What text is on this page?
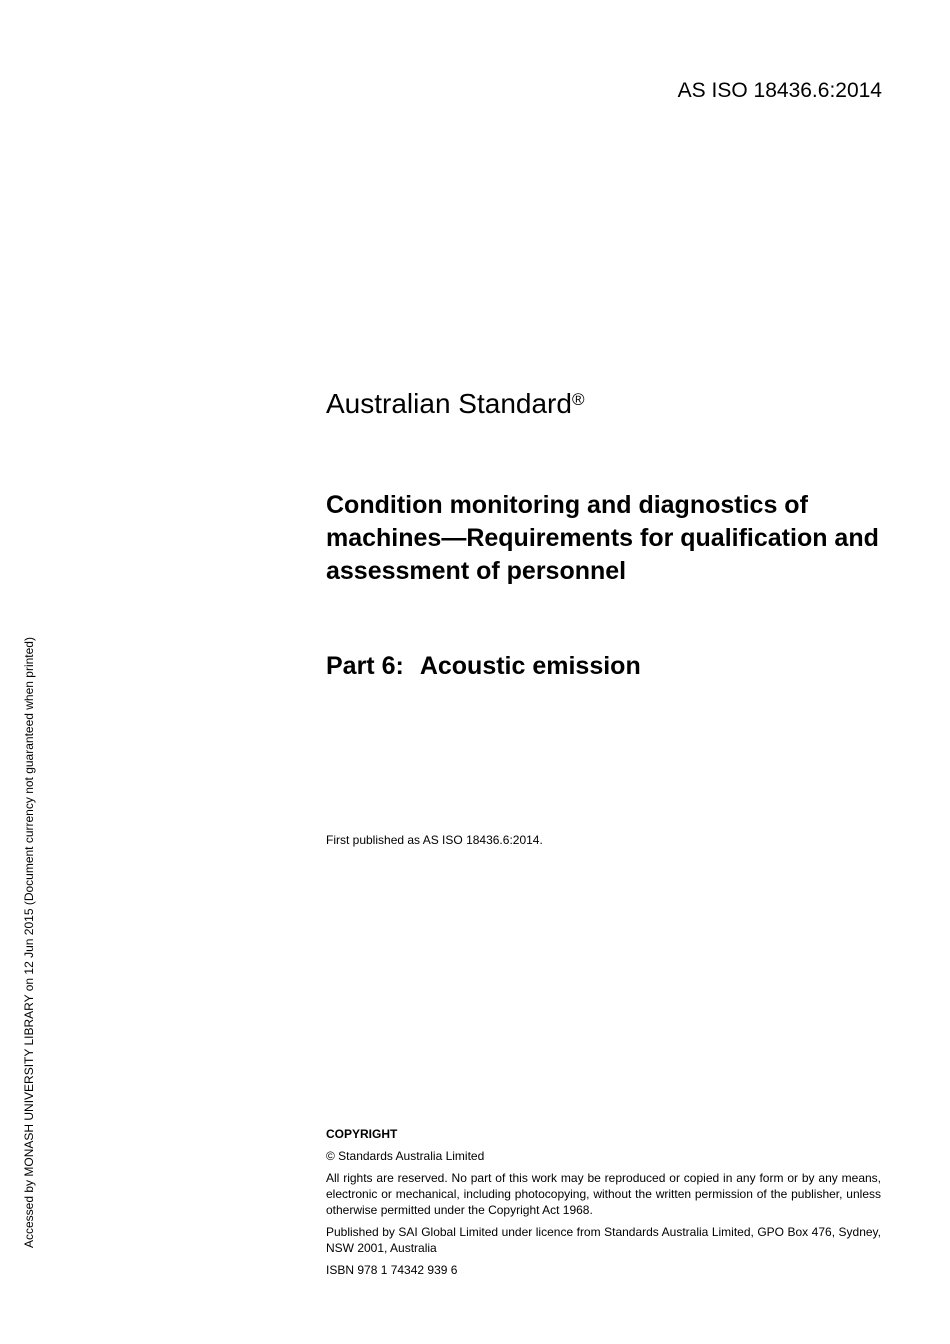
AS ISO 18436.6:2014
Australian Standard®
Condition monitoring and diagnostics of machines—Requirements for qualification and assessment of personnel
Part 6: Acoustic emission
First published as AS ISO 18436.6:2014.

COPYRIGHT

© Standards Australia Limited

All rights are reserved. No part of this work may be reproduced or copied in any form or by any means, electronic or mechanical, including photocopying, without the written permission of the publisher, unless otherwise permitted under the Copyright Act 1968.

Published by SAI Global Limited under licence from Standards Australia Limited, GPO Box 476, Sydney, NSW 2001, Australia

ISBN 978 1 74342 939 6

Accessed by MONASH UNIVERSITY LIBRARY on 12 Jun 2015 (Document currency not guaranteed when printed)
